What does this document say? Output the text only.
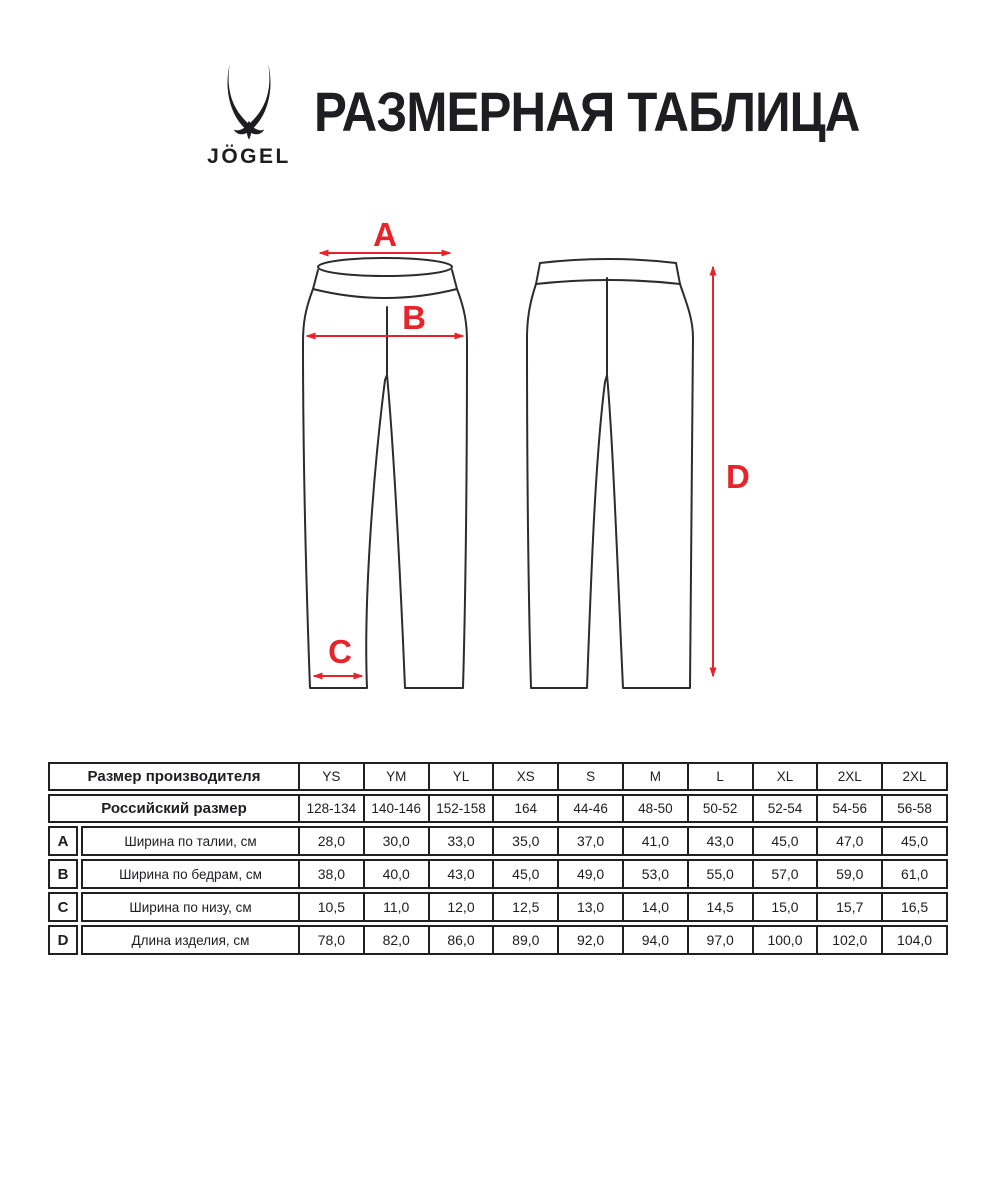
JÖGEL
РАЗМЕРНАЯ ТАБЛИЦА
A
B
C
D
Размер производителя	YS	YM	YL	XS	S	M	L	XL	2XL	2XL
Российский размер	128-134	140-146	152-158	164	44-46	48-50	50-52	52-54	54-56	56-58
A	Ширина по талии, см	28,0	30,0	33,0	35,0	37,0	41,0	43,0	45,0	47,0	45,0
B	Ширина по бедрам, см	38,0	40,0	43,0	45,0	49,0	53,0	55,0	57,0	59,0	61,0
C	Ширина по низу, см	10,5	11,0	12,0	12,5	13,0	14,0	14,5	15,0	15,7	16,5
D	Длина изделия, см	78,0	82,0	86,0	89,0	92,0	94,0	97,0	100,0	102,0	104,0
